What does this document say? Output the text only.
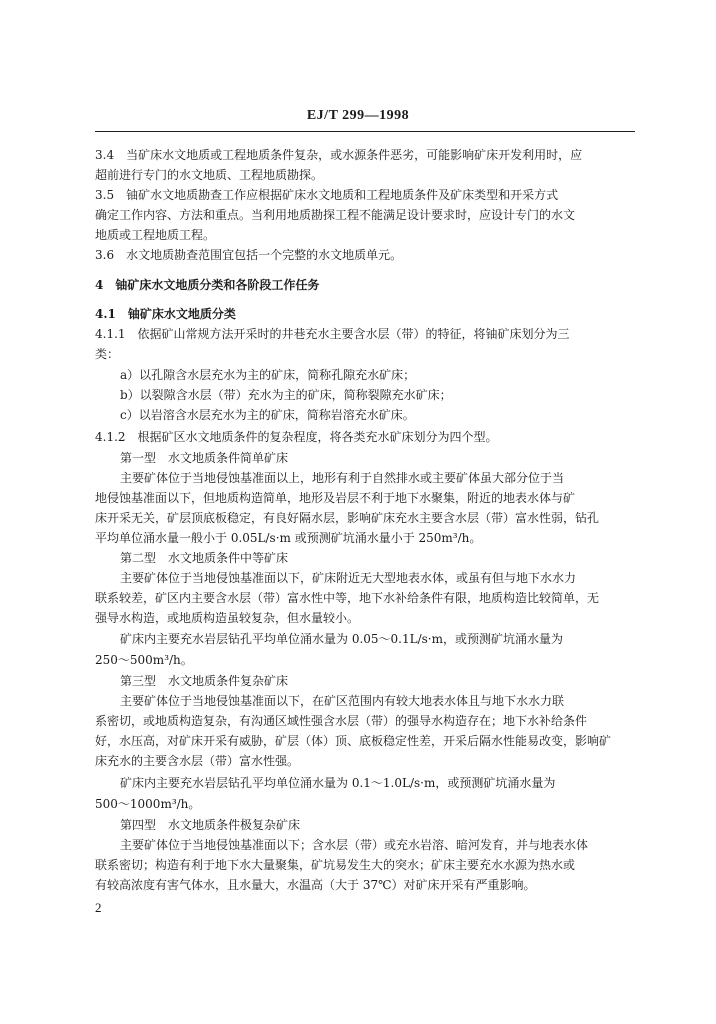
EJ/T 299—1998
3.4　当矿床水文地质或工程地质条件复杂，或水源条件恶劣，可能影响矿床开发利用时，应
超前进行专门的水文地质、工程地质勘探。
3.5　铀矿水文地质勘查工作应根据矿床水文地质和工程地质条件及矿床类型和开采方式
确定工作内容、方法和重点。当利用地质勘探工程不能满足设计要求时，应设计专门的水文
地质或工程地质工程。
3.6　水文地质勘查范围宜包括一个完整的水文地质单元。
4　铀矿床水文地质分类和各阶段工作任务
4.1　铀矿床水文地质分类
4.1.1　依据矿山常规方法开采时的井巷充水主要含水层（带）的特征，将铀矿床划分为三
类：
a）以孔隙含水层充水为主的矿床，简称孔隙充水矿床；
b）以裂隙含水层（带）充水为主的矿床，简称裂隙充水矿床；
c）以岩溶含水层充水为主的矿床，简称岩溶充水矿床。
4.1.2　根据矿区水文地质条件的复杂程度，将各类充水矿床划分为四个型。
第一型　水文地质条件简单矿床
主要矿体位于当地侵蚀基准面以上，地形有利于自然排水或主要矿体虽大部分位于当
地侵蚀基准面以下，但地质构造简单，地形及岩层不利于地下水聚集，附近的地表水体与矿
床开采无关，矿层顶底板稳定，有良好隔水层，影响矿床充水主要含水层（带）富水性弱，钻孔
平均单位涌水量一般小于 0.05L/s·m 或预测矿坑涌水量小于 250m³/h。
第二型　水文地质条件中等矿床
主要矿体位于当地侵蚀基准面以下，矿床附近无大型地表水体，或虽有但与地下水水力
联系较差，矿区内主要含水层（带）富水性中等，地下水补给条件有限，地质构造比较简单，无
强导水构造，或地质构造虽较复杂，但水量较小。
矿床内主要充水岩层钻孔平均单位涌水量为 0.05～0.1L/s·m，或预测矿坑涌水量为
250～500m³/h。
第三型　水文地质条件复杂矿床
主要矿体位于当地侵蚀基准面以下，在矿区范围内有较大地表水体且与地下水水力联
系密切，或地质构造复杂，有沟通区域性强含水层（带）的强导水构造存在；地下水补给条件
好，水压高，对矿床开采有威胁，矿层（体）顶、底板稳定性差，开采后隔水性能易改变，影响矿
床充水的主要含水层（带）富水性强。
矿床内主要充水岩层钻孔平均单位涌水量为 0.1～1.0L/s·m，或预测矿坑涌水量为
500～1000m³/h。
第四型　水文地质条件极复杂矿床
主要矿体位于当地侵蚀基准面以下；含水层（带）或充水岩溶、暗河发育，并与地表水体
联系密切；构造有利于地下水大量聚集，矿坑易发生大的突水；矿床主要充水水源为热水或
有较高浓度有害气体水，且水量大，水温高（大于 37℃）对矿床开采有严重影响。
2
